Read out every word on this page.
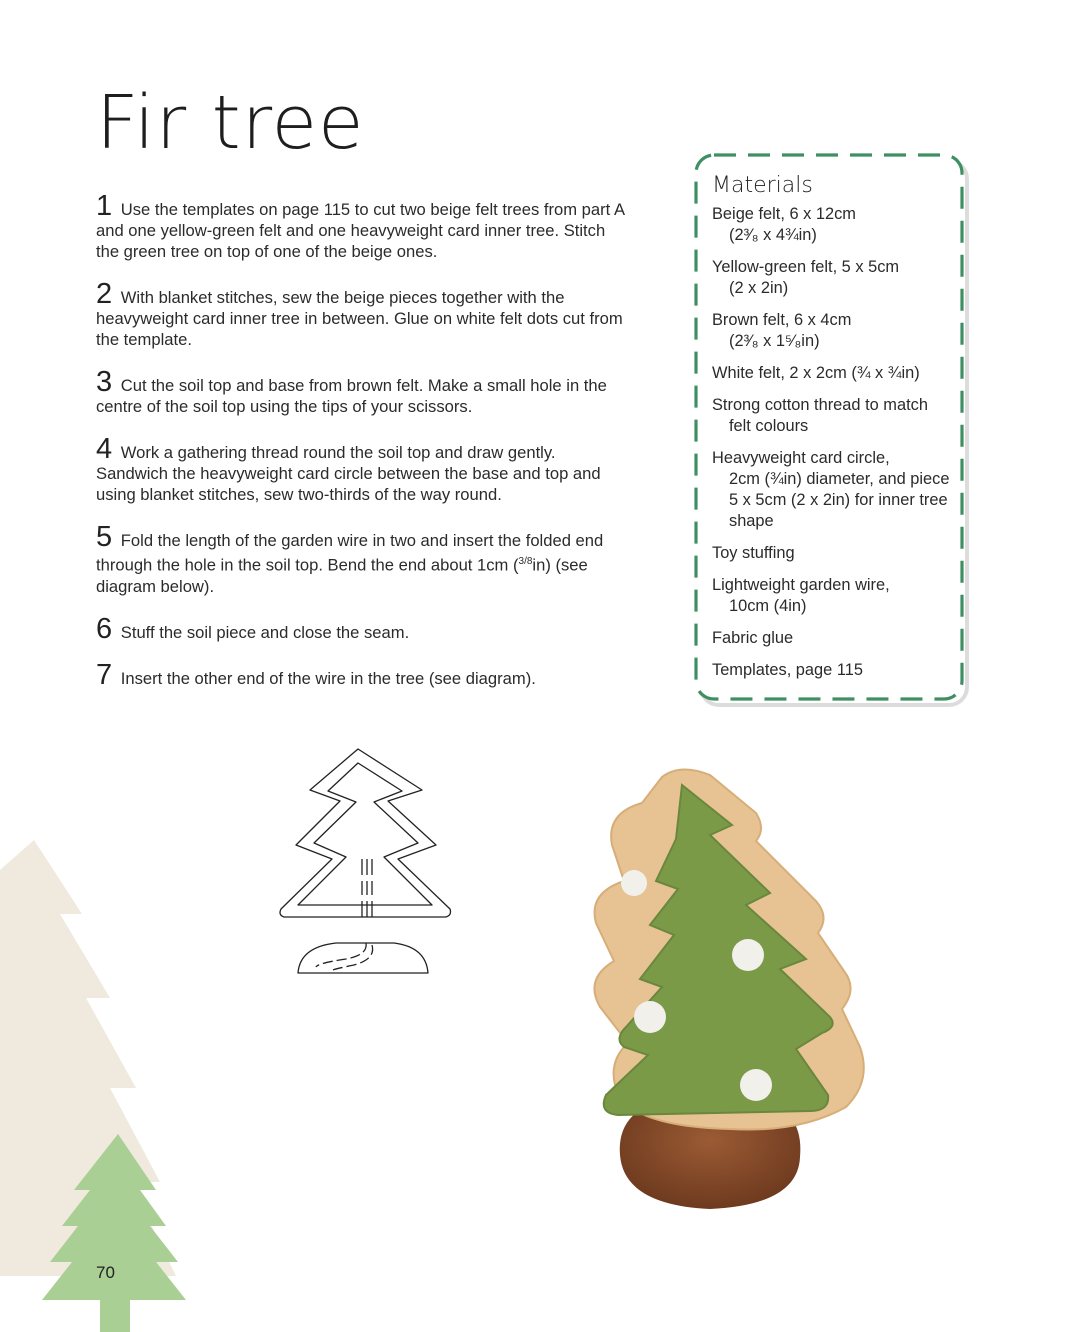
Fir tree

1 Use the templates on page 115 to cut two beige felt trees from part A and one yellow-green felt and one heavyweight card inner tree. Stitch the green tree on top of one of the beige ones.

2 With blanket stitches, sew the beige pieces together with the heavyweight card inner tree in between. Glue on white felt dots cut from the template.

3 Cut the soil top and base from brown felt. Make a small hole in the centre of the soil top using the tips of your scissors.

4 Work a gathering thread round the soil top and draw gently. Sandwich the heavyweight card circle between the base and top and using blanket stitches, sew two-thirds of the way round.

5 Fold the length of the garden wire in two and insert the folded end through the hole in the soil top. Bend the end about 1cm ($^{3/8}$in) (see diagram below).

6 Stuff the soil piece and close the seam.

7 Insert the other end of the wire in the tree (see diagram).

Materials
Beige felt, 6 x 12cm
(2³⁄₈ x 4¾in)
Yellow-green felt, 5 x 5cm
(2 x 2in)
Brown felt, 6 x 4cm
(2³⁄₈ x 1⁵⁄₈in)
White felt, 2 x 2cm (¾ x ¾in)
Strong cotton thread to match
felt colours
Heavyweight card circle,
2cm (¾in) diameter, and piece 5 x 5cm (2 x 2in) for inner tree shape
Toy stuffing
Lightweight garden wire,
10cm (4in)
Fabric glue
Templates, page 115
70
